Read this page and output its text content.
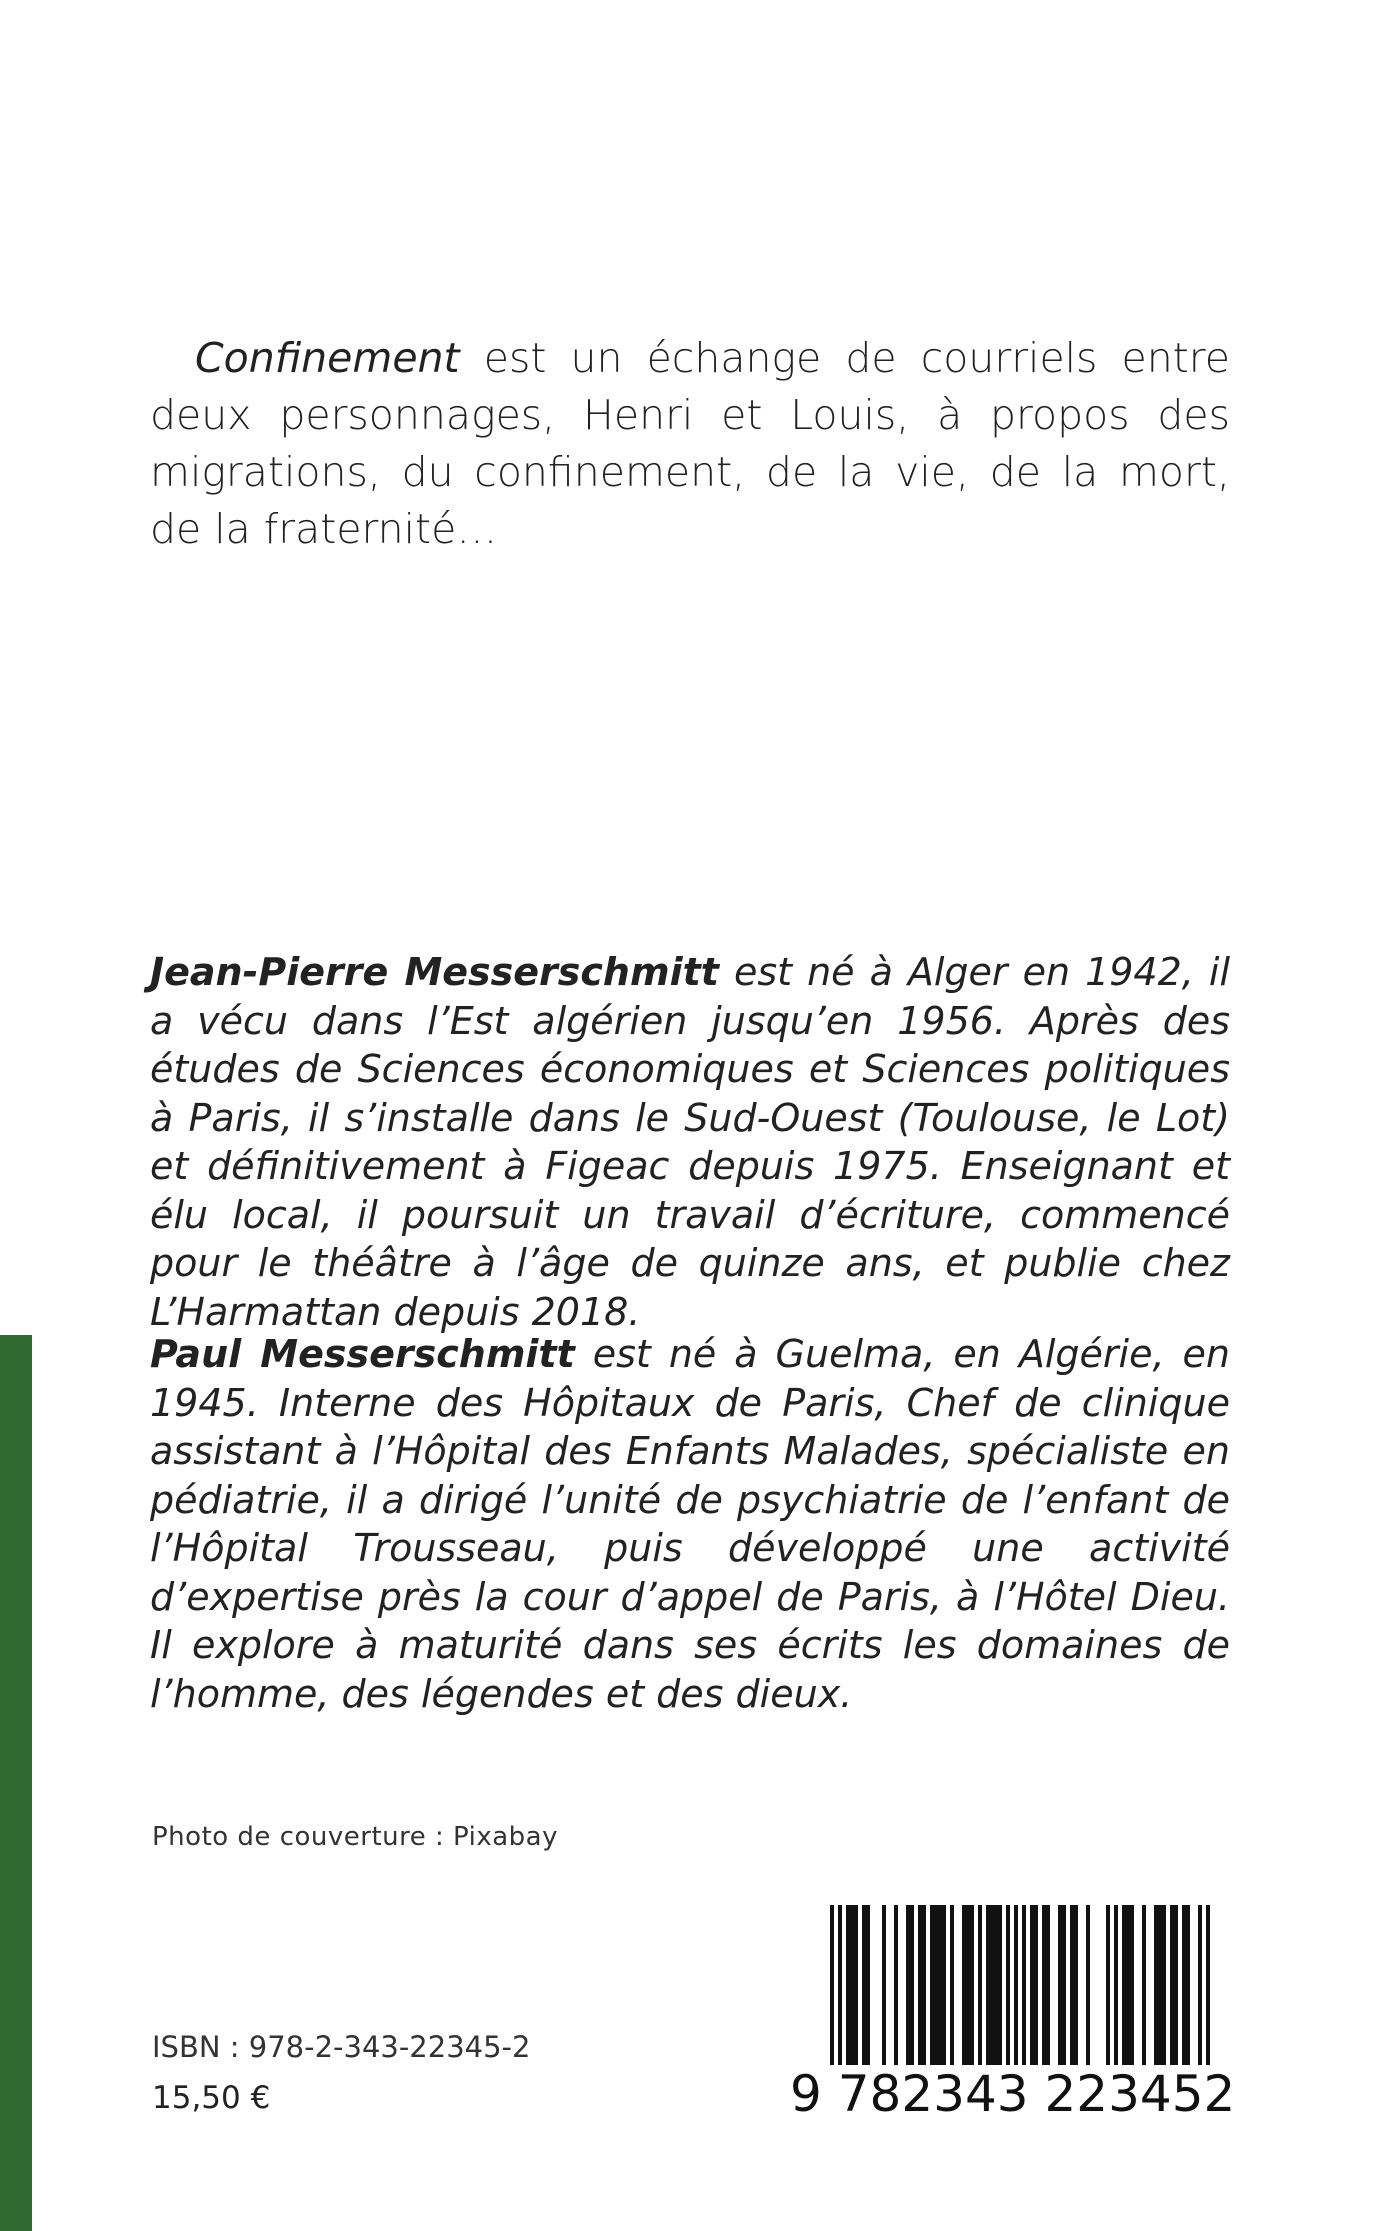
Confinement est un échange de courriels entre deux personnages, Henri et Louis, à propos des migrations, du confinement, de la vie, de la mort, de la fraternité…
Jean-Pierre Messerschmitt est né à Alger en 1942, il a vécu dans l’Est algérien jusqu’en 1956. Après des études de Sciences économiques et Sciences politiques à Paris, il s’installe dans le Sud-Ouest (Toulouse, le Lot) et définitivement à Figeac depuis 1975. Enseignant et élu local, il poursuit un travail d’écriture, commencé pour le théâtre à l’âge de quinze ans, et publie chez L’Harmattan depuis 2018.
Paul Messerschmitt est né à Guelma, en Algérie, en 1945. Interne des Hôpitaux de Paris, Chef de clinique assistant à l’Hôpital des Enfants Malades, spécialiste en pédiatrie, il a dirigé l’unité de psychiatrie de l’enfant de l’Hôpital Trousseau, puis développé une activité d’expertise près la cour d’appel de Paris, à l’Hôtel Dieu. Il explore à maturité dans ses écrits les domaines de l’homme, des légendes et des dieux.
Photo de couverture : Pixabay
ISBN : 978-2-343-22345-2
15,50 €	9 782343 223452
